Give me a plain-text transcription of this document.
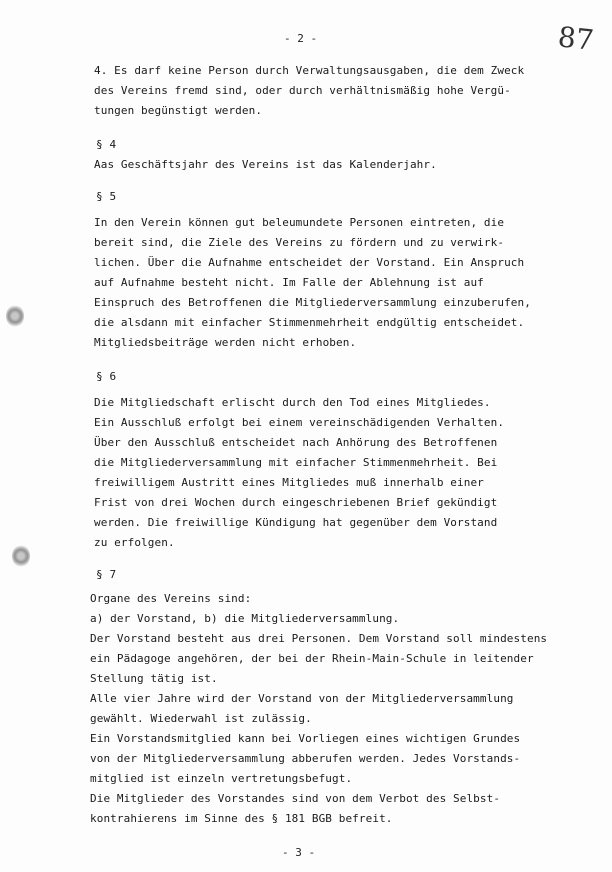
- 2 -	87
4. Es darf keine Person durch Verwaltungsausgaben, die dem Zweck
des Vereins fremd sind, oder durch verhältnismäßig hohe Vergü-
tungen begünstigt werden.
§ 4
Aas Geschäftsjahr des Vereins ist das Kalenderjahr.
§ 5
In den Verein können gut beleumundete Personen eintreten, die
bereit sind, die Ziele des Vereins zu fördern und zu verwirk-
lichen. Über die Aufnahme entscheidet der Vorstand. Ein Anspruch
auf Aufnahme besteht nicht. Im Falle der Ablehnung ist auf
Einspruch des Betroffenen die Mitgliederversammlung einzuberufen,
die alsdann mit einfacher Stimmenmehrheit endgültig entscheidet.
Mitgliedsbeiträge werden nicht erhoben.
§ 6
Die Mitgliedschaft erlischt durch den Tod eines Mitgliedes.
Ein Ausschluß erfolgt bei einem vereinschädigenden Verhalten.
Über den Ausschluß entscheidet nach Anhörung des Betroffenen
die Mitgliederversammlung mit einfacher Stimmenmehrheit. Bei
freiwilligem Austritt eines Mitgliedes muß innerhalb einer
Frist von drei Wochen durch eingeschriebenen Brief gekündigt
werden. Die freiwillige Kündigung hat gegenüber dem Vorstand
zu erfolgen.
§ 7
Organe des Vereins sind:
a) der Vorstand, b) die Mitgliederversammlung.
Der Vorstand besteht aus drei Personen. Dem Vorstand soll mindestens
ein Pädagoge angehören, der bei der Rhein-Main-Schule in leitender
Stellung tätig ist.
Alle vier Jahre wird der Vorstand von der Mitgliederversammlung
gewählt. Wiederwahl ist zulässig.
Ein Vorstandsmitglied kann bei Vorliegen eines wichtigen Grundes
von der Mitgliederversammlung abberufen werden. Jedes Vorstands-
mitglied ist einzeln vertretungsbefugt.
Die Mitglieder des Vorstandes sind von dem Verbot des Selbst-
kontrahierens im Sinne des § 181 BGB befreit.
- 3 -
